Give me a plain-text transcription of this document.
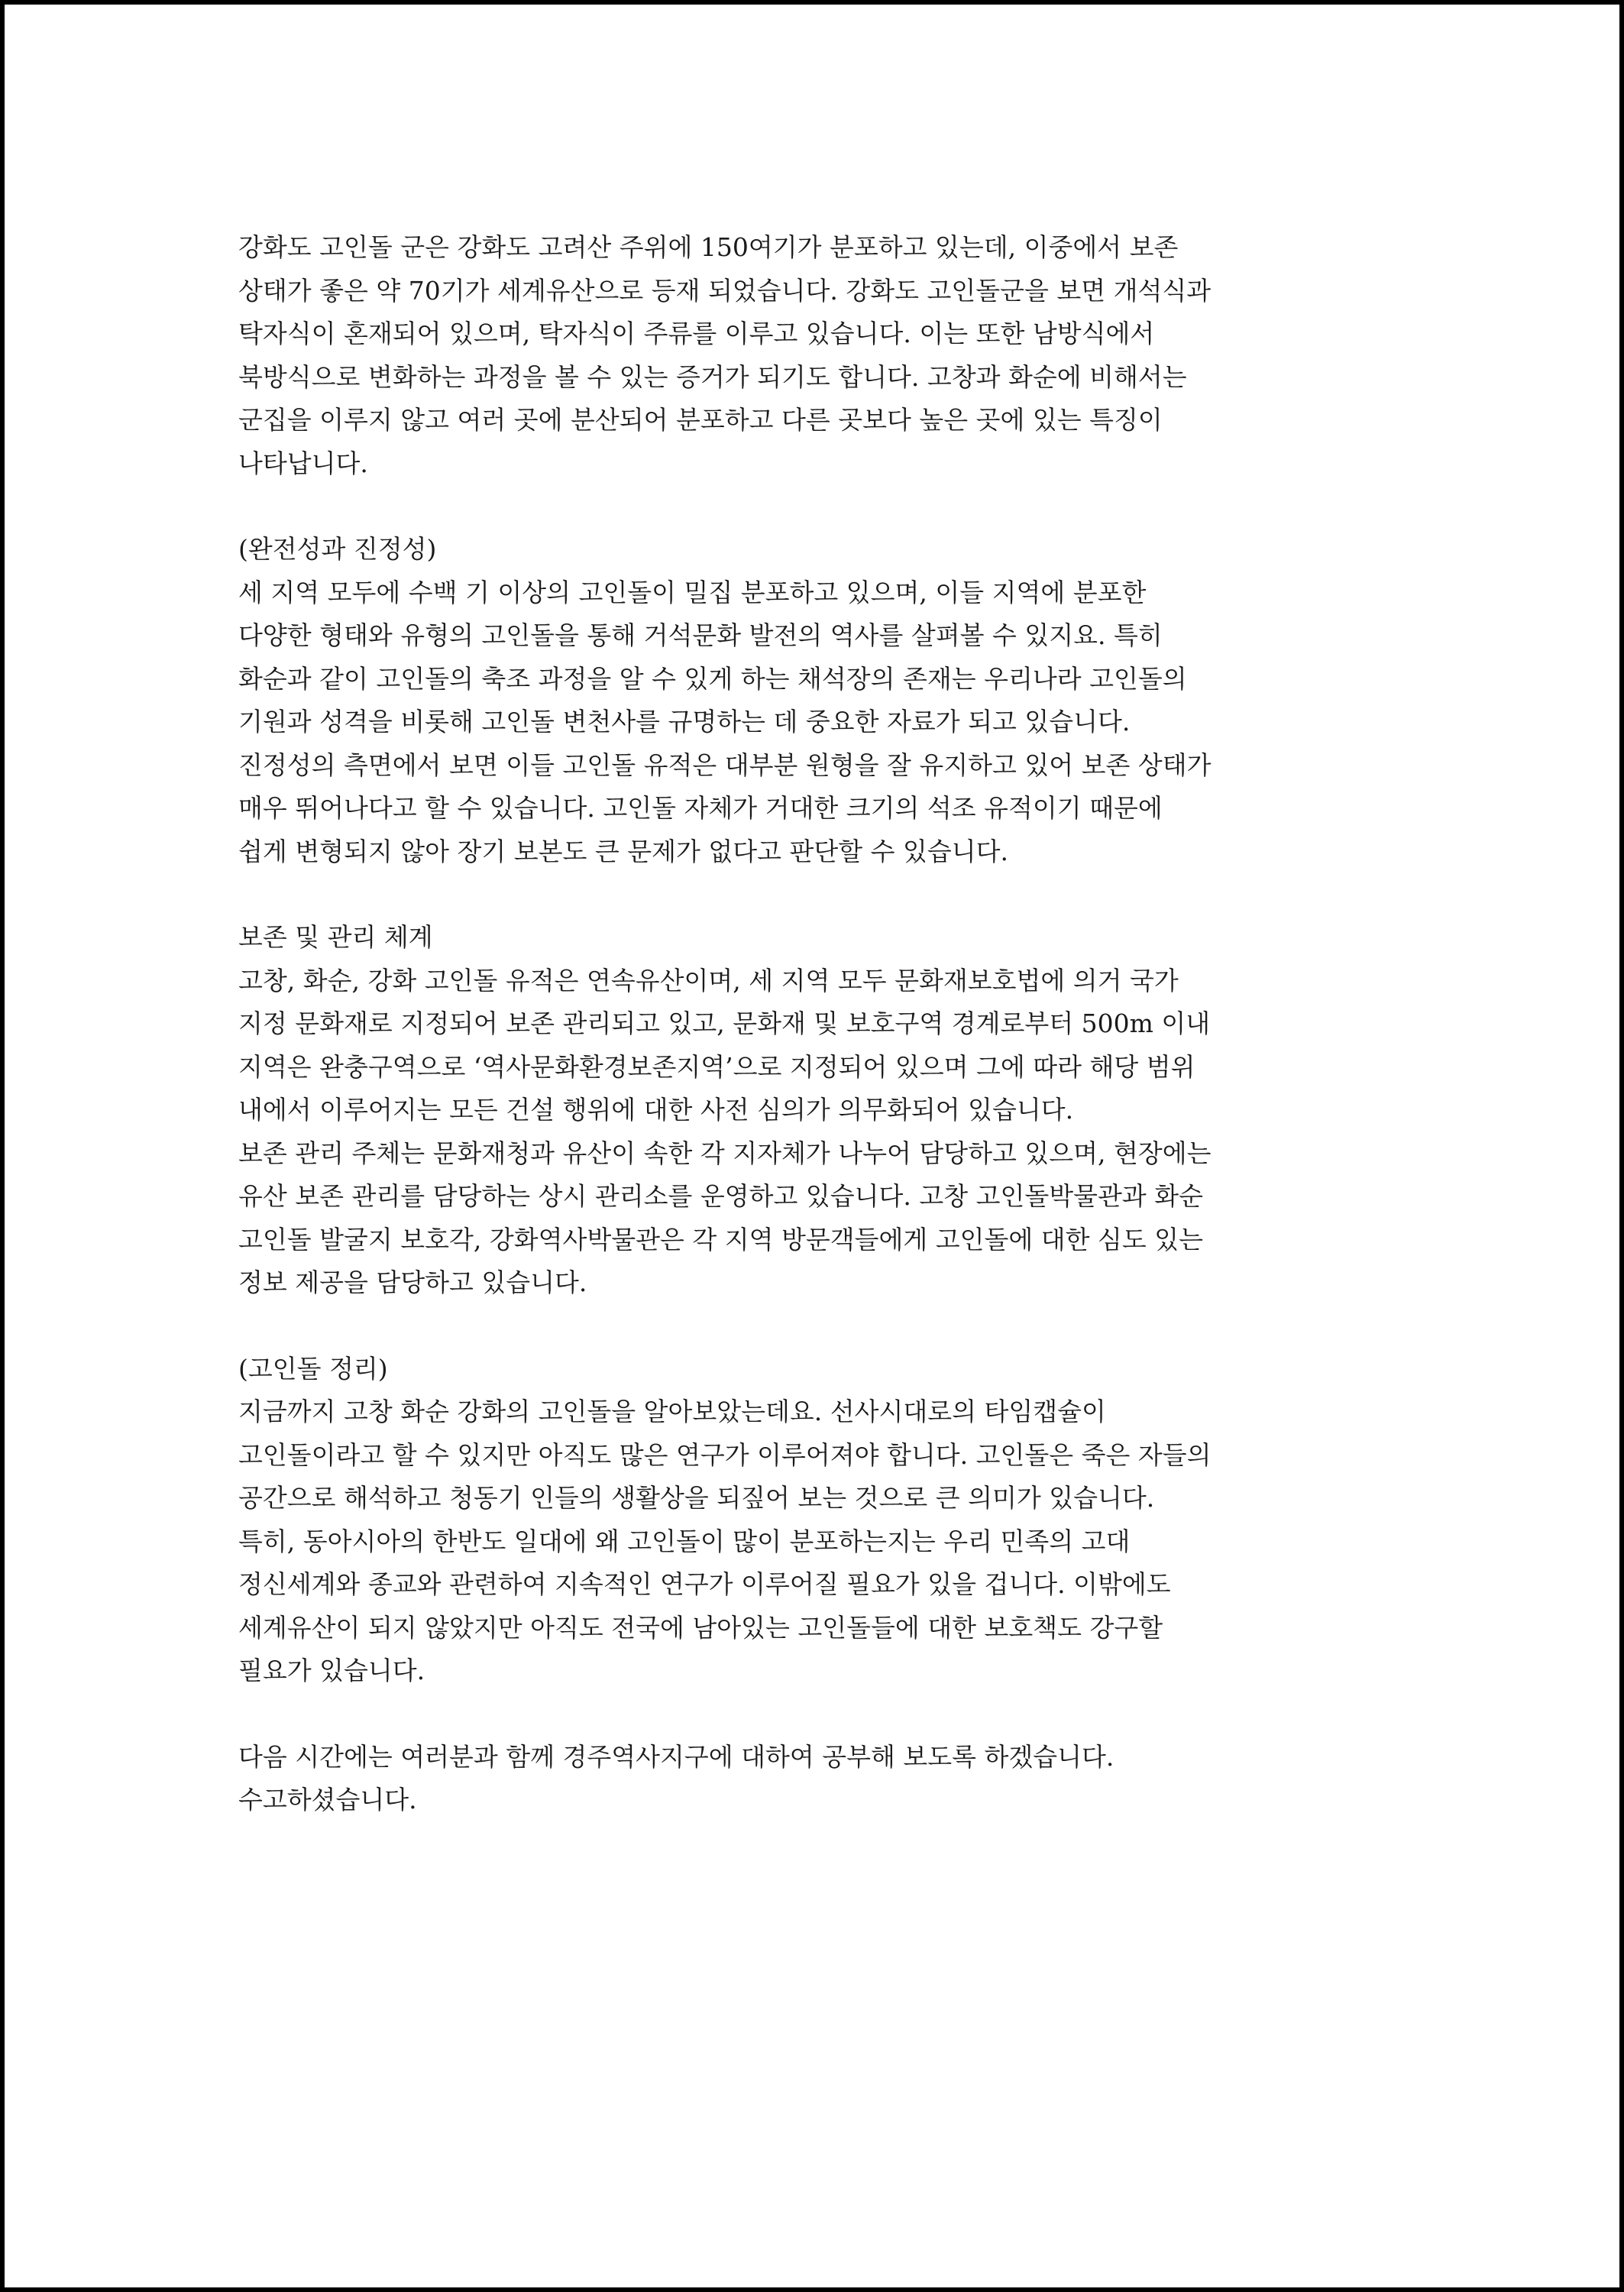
강화도 고인돌 군은 강화도 고려산 주위에 150여기가 분포하고 있는데, 이중에서 보존
상태가 좋은 약 70기가 세계유산으로 등재 되었습니다. 강화도 고인돌군을 보면 개석식과
탁자식이 혼재되어 있으며, 탁자식이 주류를 이루고 있습니다. 이는 또한 남방식에서
북방식으로 변화하는 과정을 볼 수 있는 증거가 되기도 합니다. 고창과 화순에 비해서는
군집을 이루지 않고 여러 곳에 분산되어 분포하고 다른 곳보다 높은 곳에 있는 특징이
나타납니다.

(완전성과 진정성)
세 지역 모두에 수백 기 이상의 고인돌이 밀집 분포하고 있으며, 이들 지역에 분포한
다양한 형태와 유형의 고인돌을 통해 거석문화 발전의 역사를 살펴볼 수 있지요. 특히
화순과 같이 고인돌의 축조 과정을 알 수 있게 하는 채석장의 존재는 우리나라 고인돌의
기원과 성격을 비롯해 고인돌 변천사를 규명하는 데 중요한 자료가 되고 있습니다.
진정성의 측면에서 보면 이들 고인돌 유적은 대부분 원형을 잘 유지하고 있어 보존 상태가
매우 뛰어나다고 할 수 있습니다. 고인돌 자체가 거대한 크기의 석조 유적이기 때문에
쉽게 변형되지 않아 장기 보본도 큰 문제가 없다고 판단할 수 있습니다.

보존 및 관리 체계
고창, 화순, 강화 고인돌 유적은 연속유산이며, 세 지역 모두 문화재보호법에 의거 국가
지정 문화재로 지정되어 보존 관리되고 있고, 문화재 및 보호구역 경계로부터 500m 이내
지역은 완충구역으로 ‘역사문화환경보존지역’으로 지정되어 있으며 그에 따라 해당 범위
내에서 이루어지는 모든 건설 행위에 대한 사전 심의가 의무화되어 있습니다.
보존 관리 주체는 문화재청과 유산이 속한 각 지자체가 나누어 담당하고 있으며, 현장에는
유산 보존 관리를 담당하는 상시 관리소를 운영하고 있습니다. 고창 고인돌박물관과 화순
고인돌 발굴지 보호각, 강화역사박물관은 각 지역 방문객들에게 고인돌에 대한 심도 있는
정보 제공을 담당하고 있습니다.

(고인돌 정리)
지금까지 고창 화순 강화의 고인돌을 알아보았는데요. 선사시대로의 타임캡슐이
고인돌이라고 할 수 있지만 아직도 많은 연구가 이루어져야 합니다. 고인돌은 죽은 자들의
공간으로 해석하고 청동기 인들의 생활상을 되짚어 보는 것으로 큰 의미가 있습니다.
특히, 동아시아의 한반도 일대에 왜 고인돌이 많이 분포하는지는 우리 민족의 고대
정신세계와 종교와 관련하여 지속적인 연구가 이루어질 필요가 있을 겁니다. 이밖에도
세계유산이 되지 않았지만 아직도 전국에 남아있는 고인돌들에 대한 보호책도 강구할
필요가 있습니다.

다음 시간에는 여러분과 함께 경주역사지구에 대하여 공부해 보도록 하겠습니다.
수고하셨습니다.
